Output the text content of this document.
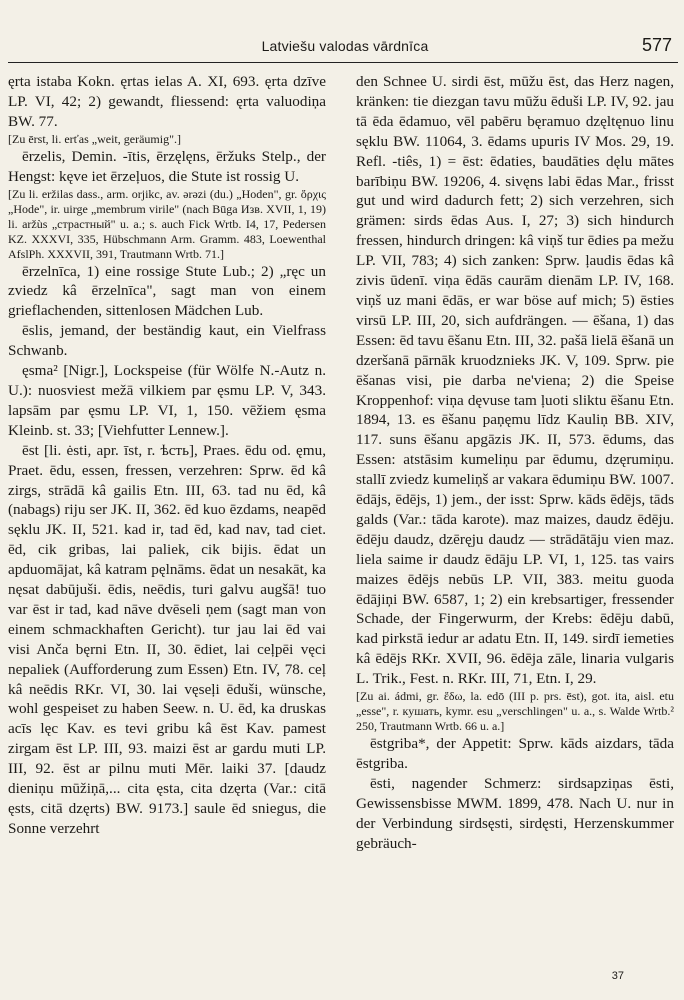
Latviešu valodas vārdnīca	577

ęrta istaba Kokn. ęrtas ielas A. XI, 693. ęrta dzīve LP. VI, 42; 2) gewandt, fliessend: ęrta valuodiņa BW. 77.

[Zu ērst, li. erťas „weit, geräumig".]

ērzelis, Demin. -ītis, ērzęlęns, ēržuks Stelp., der Hengst: kęve iet ērzeļuos, die Stute ist rossig U.

[Zu li. eržilas dass., arm. orjikc, av. ərəzi (du.) „Hoden", gr. ὄρχις „Hode", ir. uirge „membrum virile" (nach Būga Изв. XVII, 1, 19) li. aržùs „страстный" u. a.; s. auch Fick Wrtb. I4, 17, Pedersen KZ. XXXVI, 335, Hübschmann Arm. Gramm. 483, Loewenthal AfslPh. XXXVII, 391, Trautmann Wrtb. 71.]

ērzelnīca, 1) eine rossige Stute Lub.; 2) „ręc un zviedz kâ ērzelnīca", sagt man von einem grieflachenden, sittenlosen Mädchen Lub.

ēslis, jemand, der beständig kaut, ein Vielfrass Schwanb.

ęsma² [Nigr.], Lockspeise (für Wölfe N.-Autz n. U.): nuosviest mežā vilkiem par ęsmu LP. V, 343. lapsām par ęsmu LP. VI, 1, 150. vēžiem ęsma Kleinb. st. 33; [Viehfutter Lennew.].

ēst [li. ėsti, apr. īst, r. ѣсть], Praes. ēdu od. ęmu, Praet. ēdu, essen, fressen, verzehren: Sprw. ēd kâ zirgs, strādā kâ gailis Etn. III, 63. tad nu ēd, kâ (nabags) riju ser JK. II, 362. ēd kuo ēzdams, neapēd sęklu JK. II, 521. kad ir, tad ēd, kad nav, tad ciet. ēd, cik gribas, lai paliek, cik bijis. ēdat un apduomājat, kâ katram pęlnāms. ēdat un nesakāt, ka nęsat dabūjuši. ēdis, neēdis, turi galvu augšā! tuo var ēst ir tad, kad nāve dvēseli ņem (sagt man von einem schmackhaften Gericht). tur jau lai ēd vai visi Anča bęrni Etn. II, 30. ēdiet, lai ceļpēi vęci nepaliek (Aufforderung zum Essen) Etn. IV, 78. ceļ kâ neēdis RKr. VI, 30. lai vęseļi ēduši, wünsche, wohl gespeiset zu haben Seew. n. U. ēd, ka druskas acīs lęc Kav. es tevi gribu kâ ēst Kav. pamest zirgam ēst LP. III, 93. maizi ēst ar gardu muti LP. III, 92. ēst ar pilnu muti Mēr. laiki 37. [daudz dieniņu mūžiņā,... cita ęsta, cita dzęrta (Var.: citā ęsts, citā dzęrts) BW. 9173.] saule ēd sniegus, die Sonne verzehrt

den Schnee U. sirdi ēst, mūžu ēst, das Herz nagen, kränken: tie diezgan tavu mūžu ēduši LP. IV, 92. jau tā ēda ēdamuo, vēl pabēru bęramuo dzęltęnuo linu sęklu BW. 11064, 3. ēdams upuris IV Mos. 29, 19. Refl. -tiês, 1) = ēst: ēdaties, baudāties dęlu mātes barībiņu BW. 19206, 4. sivęns labi ēdas Mar., frisst gut und wird dadurch fett; 2) sich verzehren, sich grämen: sirds ēdas Aus. I, 27; 3) sich hindurch fressen, hindurch dringen: kâ viņš tur ēdies pa mežu LP. VII, 783; 4) sich zanken: Sprw. ļaudis ēdas kâ zivis ūdenī. viņa ēdās caurām dienām LP. IV, 168. viņš uz mani ēdās, er war böse auf mich; 5) ēsties virsū LP. III, 20, sich aufdrängen. — ēšana, 1) das Essen: ēd tavu ēšanu Etn. III, 32. pašā lielā ēšanā un dzeršanā pārnāk kruodznieks JK. V, 109. Sprw. pie ēšanas visi, pie darba ne'viena; 2) die Speise Kroppenhof: viņa dęvuse tam ļuoti sliktu ēšanu Etn. 1894, 13. es ēšanu paņęmu līdz Kauliņ BB. XIV, 117. suns ēšanu apgāzis JK. II, 573. ēdums, das Essen: atstāsim kumeliņu par ēdumu, dzęrumiņu. stallī zviedz kumeliņš ar vakara ēdumiņu BW. 1007. ēdājs, ēdējs, 1) jem., der isst: Sprw. kāds ēdējs, tāds galds (Var.: tāda karote). maz maizes, daudz ēdēju. ēdēju daudz, dzēręju daudz — strādātāju vien maz. liela saime ir daudz ēdāju LP. VI, 1, 125. tas vairs maizes ēdējs nebūs LP. VII, 383. meitu guoda ēdājiņi BW. 6587, 1; 2) ein krebsartiger, fressender Schade, der Fingerwurm, der Krebs: ēdēju dabū, kad pirkstā iedur ar adatu Etn. II, 149. sirdī iemeties kâ ēdējs RKr. XVII, 96. ēdēja zāle, linaria vulgaris L. Trik., Fest. n. RKr. III, 71, Etn. I, 29.

[Zu ai. ádmi, gr. ἔδω, la. edō (III p. prs. ēst), got. ita, aisl. etu „esse", r. кушать, kymr. esu „verschlingen" u. a., s. Walde Wrtb.² 250, Trautmann Wrtb. 66 u. a.]

ēstgriba*, der Appetit: Sprw. kāds aizdars, tāda ēstgriba.

ēsti, nagender Schmerz: sirdsapziņas ēsti, Gewissensbisse MWM. 1899, 478. Nach U. nur in der Verbindung sirdsęsti, sirdęsti, Herzenskummer gebräuch-

37
